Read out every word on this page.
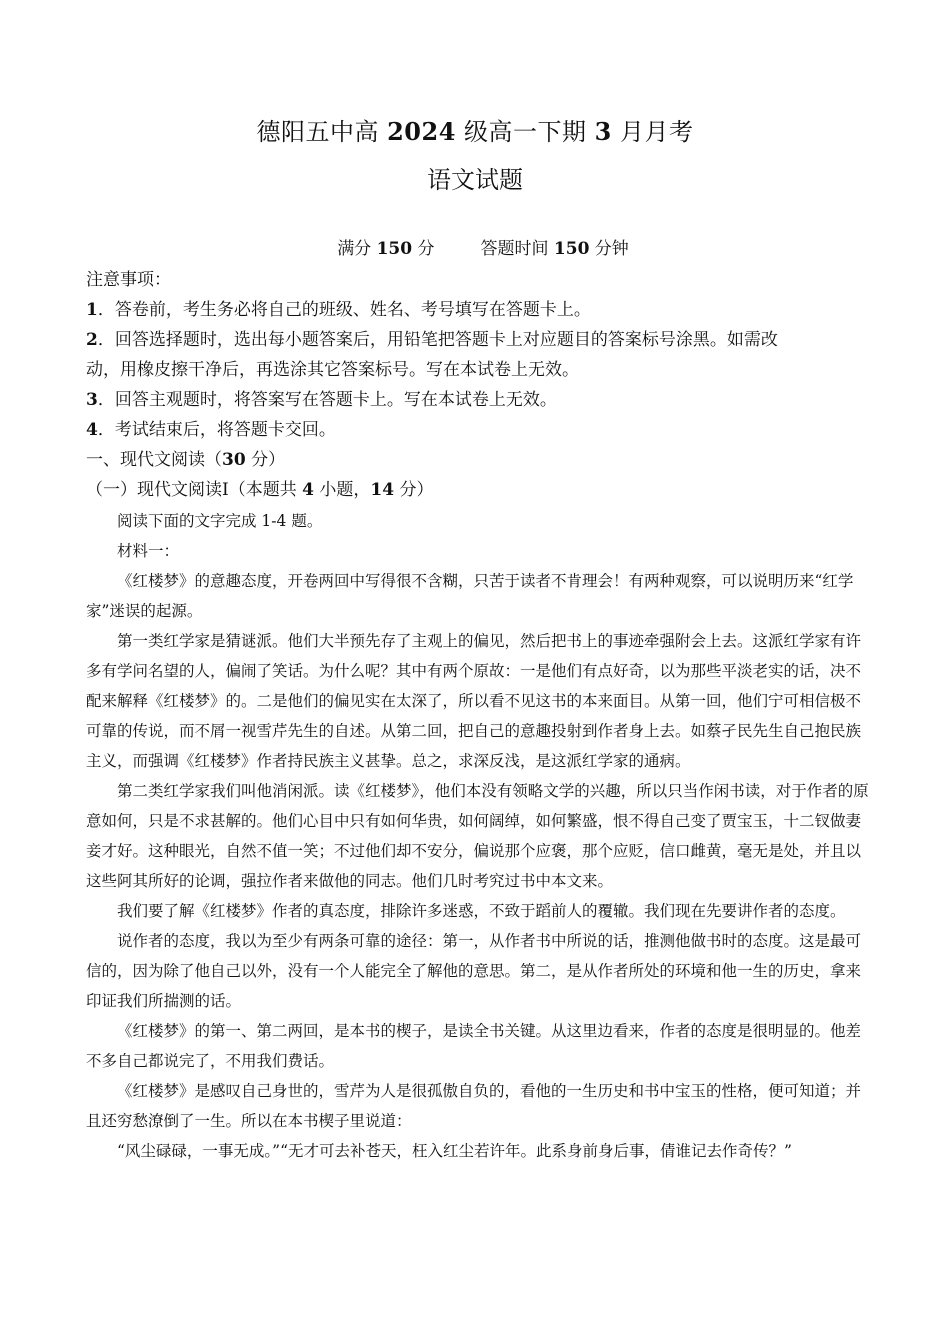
德阳五中高 2024 级高一下期 3 月月考
语文试题
满分 150 分	答题时间 150 分钟
注意事项：
1．答卷前，考生务必将自己的班级、姓名、考号填写在答题卡上。
2．回答选择题时，选出每小题答案后，用铅笔把答题卡上对应题目的答案标号涂黑。如需改
动，用橡皮擦干净后，再选涂其它答案标号。写在本试卷上无效。
3．回答主观题时，将答案写在答题卡上。写在本试卷上无效。
4．考试结束后，将答题卡交回。
一、现代文阅读（30 分）
（一）现代文阅读Ⅰ（本题共 4 小题，14 分）

阅读下面的文字完成 1-4 题。

材料一：

《红楼梦》的意趣态度，开卷两回中写得很不含糊，只苦于读者不肯理会！有两种观察，可以说明历来“红学家”迷误的起源。

第一类红学家是猜谜派。他们大半预先存了主观上的偏见，然后把书上的事迹牵强附会上去。这派红学家有许多有学问名望的人，偏闹了笑话。为什么呢？其中有两个原故：一是他们有点好奇，以为那些平淡老实的话，决不配来解释《红楼梦》的。二是他们的偏见实在太深了，所以看不见这书的本来面目。从第一回，他们宁可相信极不可靠的传说，而不屑一视雪芹先生的自述。从第二回，把自己的意趣投射到作者身上去。如蔡孑民先生自己抱民族主义，而强调《红楼梦》作者持民族主义甚挚。总之，求深反浅，是这派红学家的通病。

第二类红学家我们叫他消闲派。读《红楼梦》，他们本没有领略文学的兴趣，所以只当作闲书读，对于作者的原意如何，只是不求甚解的。他们心目中只有如何华贵，如何阔绰，如何繁盛，恨不得自己变了贾宝玉，十二钗做妻妾才好。这种眼光，自然不值一笑；不过他们却不安分，偏说那个应褒，那个应贬，信口雌黄，毫无是处，并且以这些阿其所好的论调，强拉作者来做他的同志。他们几时考究过书中本文来。

我们要了解《红楼梦》作者的真态度，排除许多迷惑，不致于蹈前人的覆辙。我们现在先要讲作者的态度。

说作者的态度，我以为至少有两条可靠的途径：第一，从作者书中所说的话，推测他做书时的态度。这是最可信的，因为除了他自己以外，没有一个人能完全了解他的意思。第二，是从作者所处的环境和他一生的历史，拿来印证我们所揣测的话。

《红楼梦》的第一、第二两回，是本书的楔子，是读全书关键。从这里边看来，作者的态度是很明显的。他差不多自己都说完了，不用我们费话。

《红楼梦》是感叹自己身世的，雪芹为人是很孤傲自负的，看他的一生历史和书中宝玉的性格，便可知道；并且还穷愁潦倒了一生。所以在本书楔子里说道：

“风尘碌碌，一事无成。”“无才可去补苍天，枉入红尘若许年。此系身前身后事，倩谁记去作奇传？”
